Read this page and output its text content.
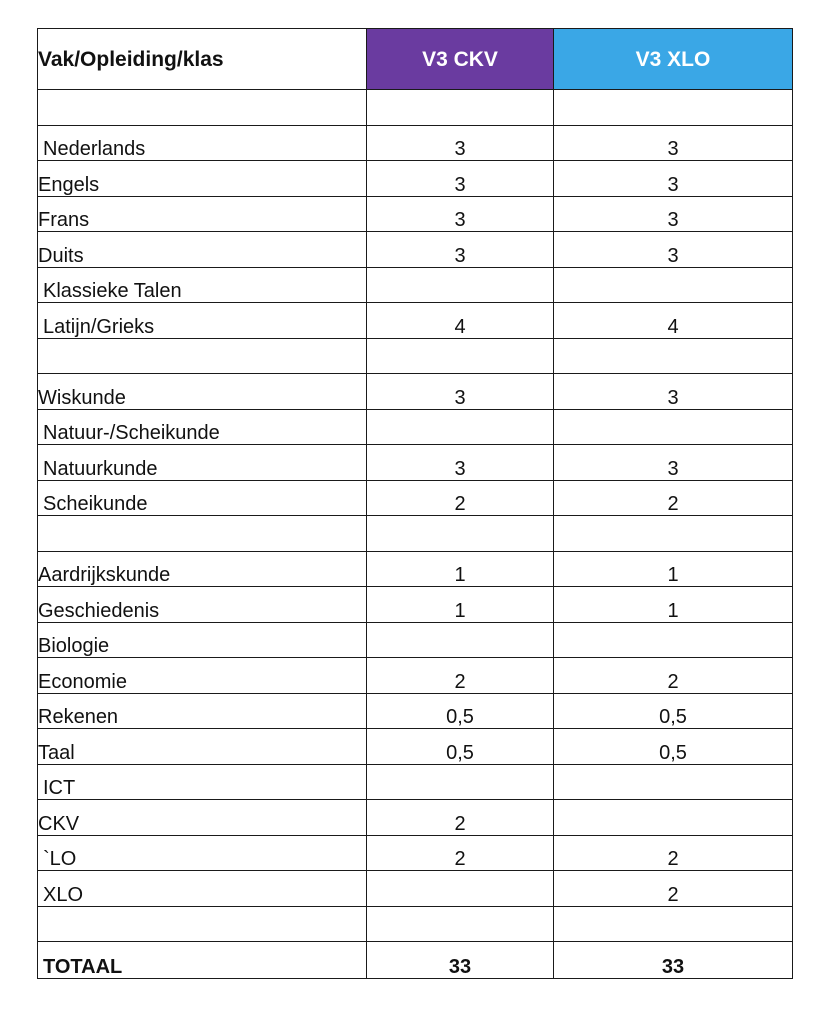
Vak/Opleiding/klas	V3 CKV	V3 XLO

Nederlands	3	3
Engels	3	3
Frans	3	3
Duits	3	3
Klassieke Talen		
Latijn/Grieks	4	4

Wiskunde	3	3
Natuur-/Scheikunde		
Natuurkunde	3	3
Scheikunde	2	2

Aardrijkskunde	1	1
Geschiedenis	1	1
Biologie		
Economie	2	2
Rekenen	0,5	0,5
Taal	0,5	0,5
ICT		
CKV	2	
`LO	2	2
XLO		2

TOTAAL	33	33
